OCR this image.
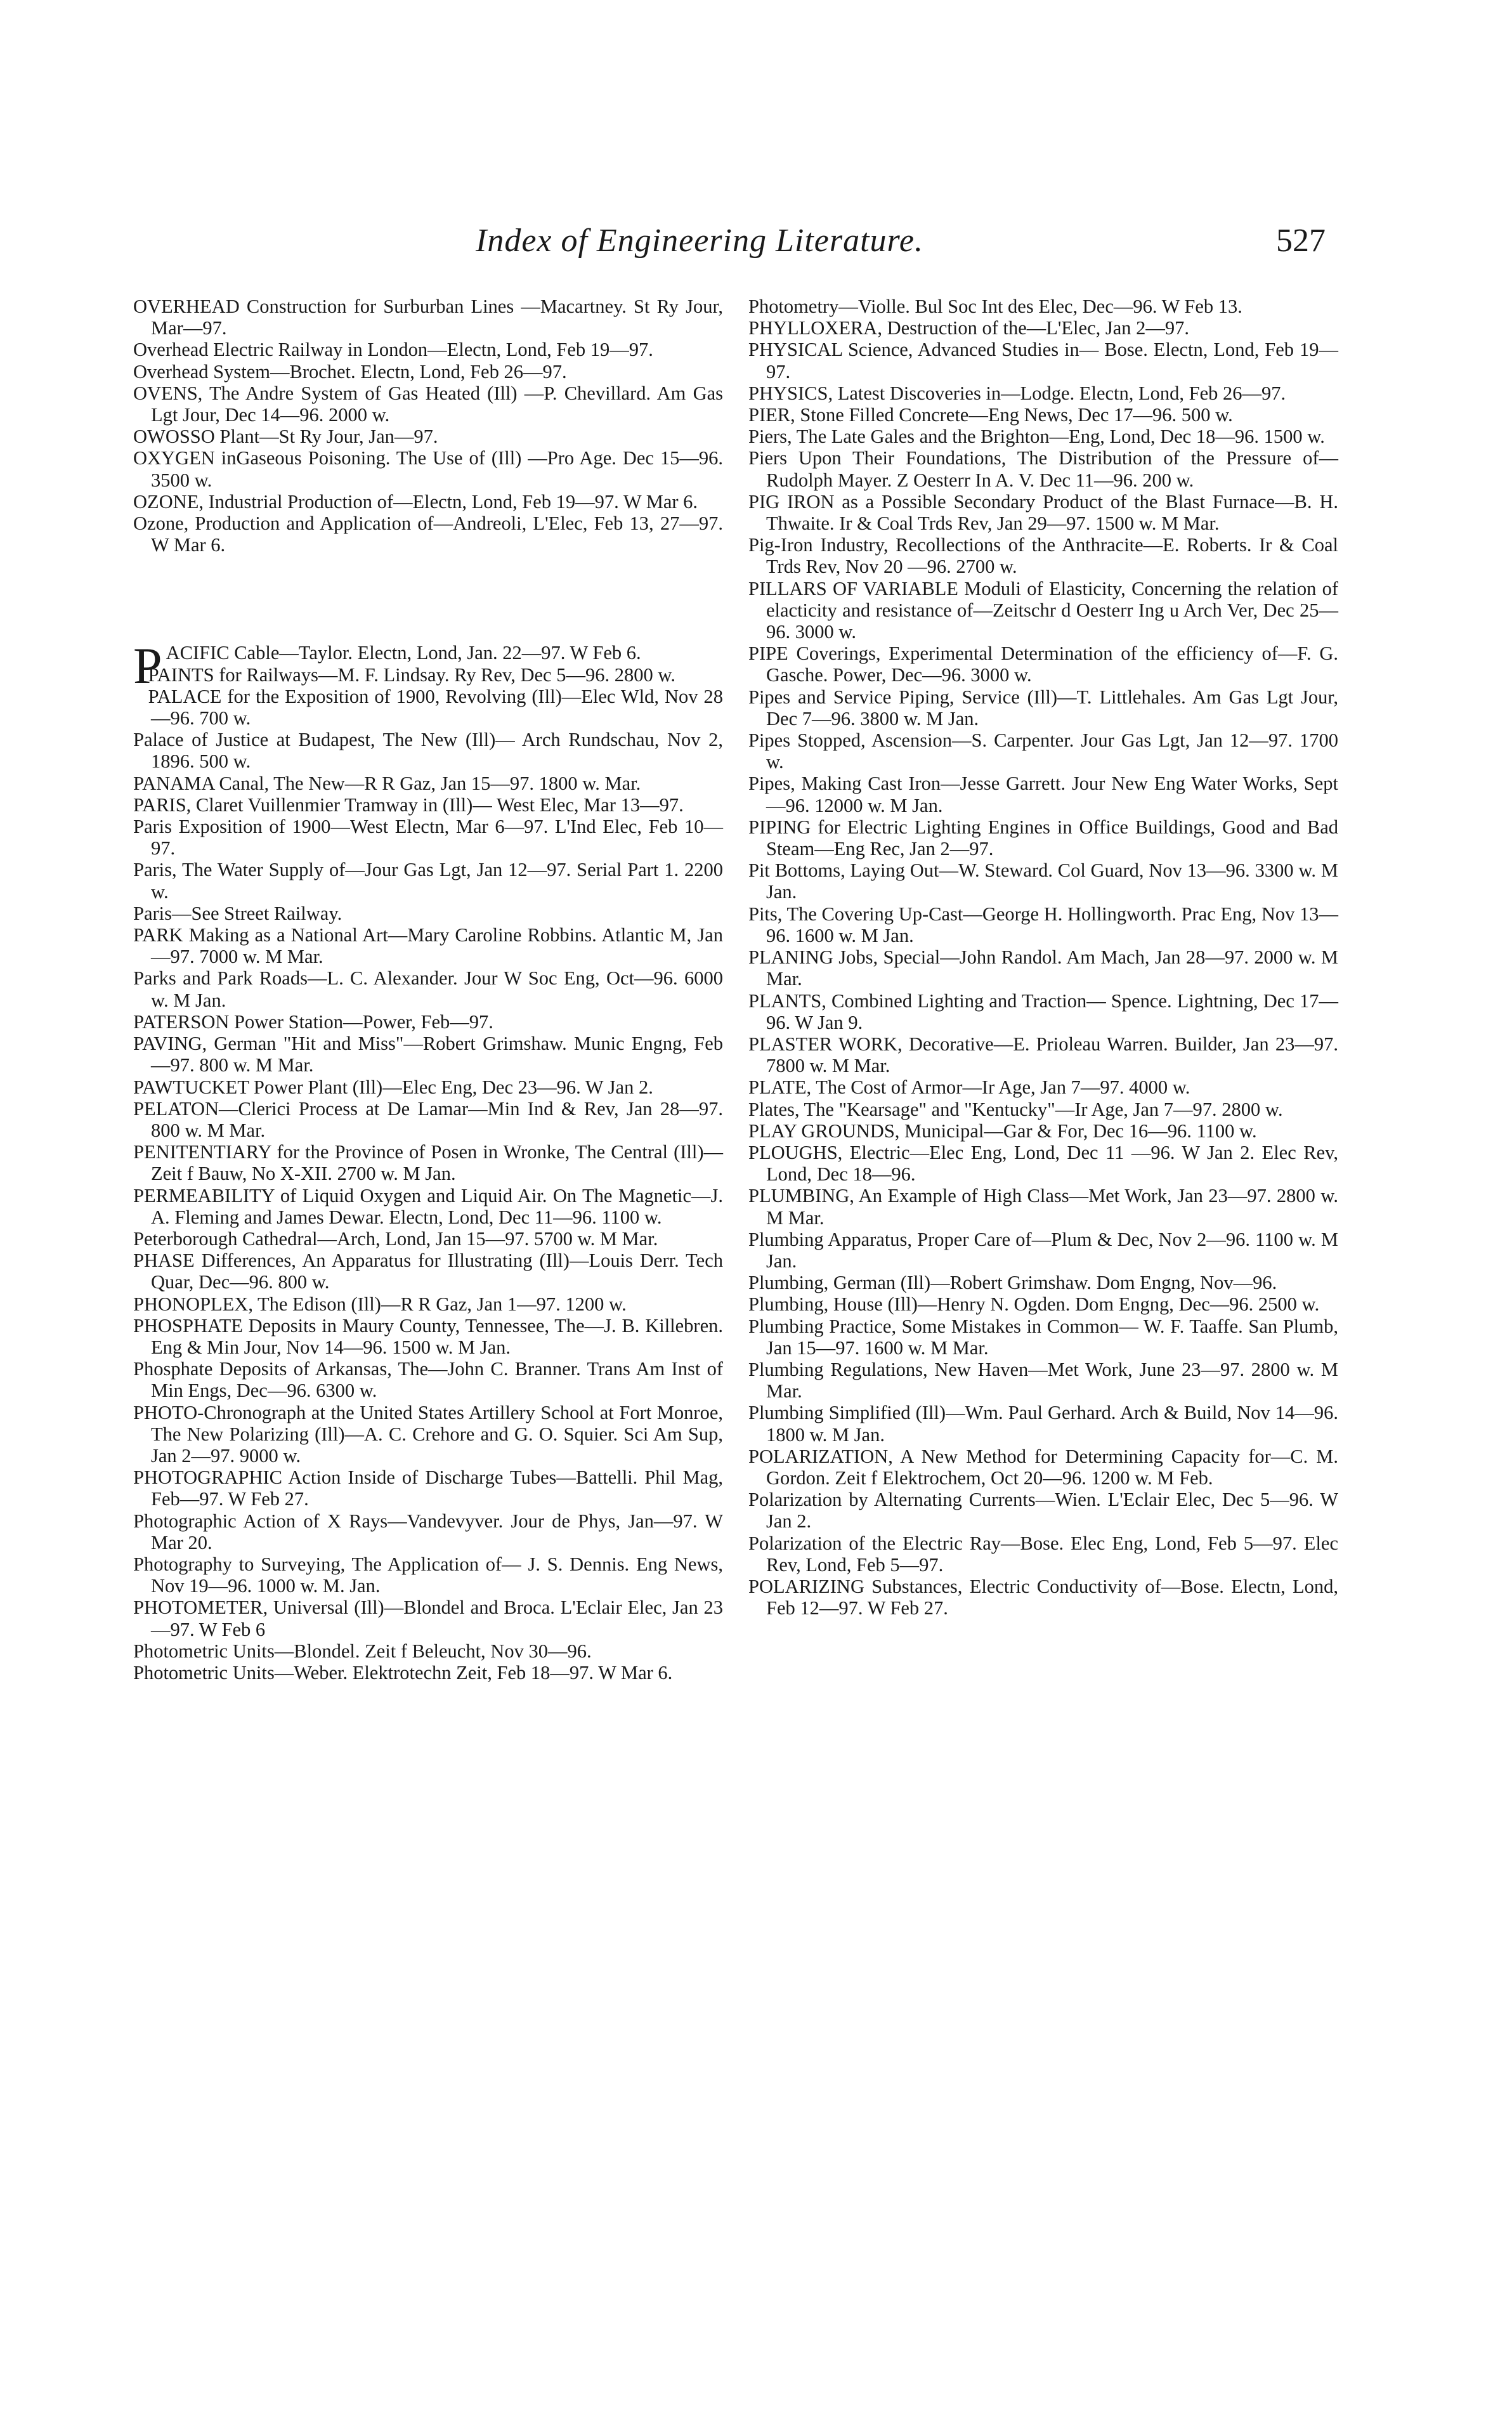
Index of Engineering Literature.	527

OVERHEAD Construction for Surburban Lines —Macartney. St Ry Jour, Mar—97.

Overhead Electric Railway in London—Electn, Lond, Feb 19—97.

Overhead System—Brochet. Electn, Lond, Feb 26—97.

OVENS, The Andre System of Gas Heated (Ill) —P. Chevillard. Am Gas Lgt Jour, Dec 14—96. 2000 w.

OWOSSO Plant—St Ry Jour, Jan—97.

OXYGEN inGaseous Poisoning. The Use of (Ill) —Pro Age. Dec 15—96. 3500 w.

OZONE, Industrial Production of—Electn, Lond, Feb 19—97. W Mar 6.

Ozone, Production and Application of—Andreoli, L'Elec, Feb 13, 27—97. W Mar 6.

PACIFIC Cable—Taylor. Electn, Lond, Jan. 22—97. W Feb 6.

PAINTS for Railways—M. F. Lindsay. Ry Rev, Dec 5—96. 2800 w.

PALACE for the Exposition of 1900, Revolving (Ill)—Elec Wld, Nov 28—96. 700 w.

Palace of Justice at Budapest, The New (Ill)— Arch Rundschau, Nov 2, 1896. 500 w.

PANAMA Canal, The New—R R Gaz, Jan 15—97. 1800 w. Mar.

PARIS, Claret Vuillenmier Tramway in (Ill)— West Elec, Mar 13—97.

Paris Exposition of 1900—West Electn, Mar 6—97. L'Ind Elec, Feb 10—97.

Paris, The Water Supply of—Jour Gas Lgt, Jan 12—97. Serial Part 1. 2200 w.

Paris—See Street Railway.

PARK Making as a National Art—Mary Caroline Robbins. Atlantic M, Jan—97. 7000 w. M Mar.

Parks and Park Roads—L. C. Alexander. Jour W Soc Eng, Oct—96. 6000 w. M Jan.

PATERSON Power Station—Power, Feb—97.

PAVING, German "Hit and Miss"—Robert Grimshaw. Munic Engng, Feb—97. 800 w. M Mar.

PAWTUCKET Power Plant (Ill)—Elec Eng, Dec 23—96. W Jan 2.

PELATON—Clerici Process at De Lamar—Min Ind & Rev, Jan 28—97. 800 w. M Mar.

PENITENTIARY for the Province of Posen in Wronke, The Central (Ill)—Zeit f Bauw, No X-XII. 2700 w. M Jan.

PERMEABILITY of Liquid Oxygen and Liquid Air. On The Magnetic—J. A. Fleming and James Dewar. Electn, Lond, Dec 11—96. 1100 w.

Peterborough Cathedral—Arch, Lond, Jan 15—97. 5700 w. M Mar.

PHASE Differences, An Apparatus for Illustrating (Ill)—Louis Derr. Tech Quar, Dec—96. 800 w.

PHONOPLEX, The Edison (Ill)—R R Gaz, Jan 1—97. 1200 w.

PHOSPHATE Deposits in Maury County, Tennessee, The—J. B. Killebren. Eng & Min Jour, Nov 14—96. 1500 w. M Jan.

Phosphate Deposits of Arkansas, The—John C. Branner. Trans Am Inst of Min Engs, Dec—96. 6300 w.

PHOTO-Chronograph at the United States Artillery School at Fort Monroe, The New Polarizing (Ill)—A. C. Crehore and G. O. Squier. Sci Am Sup, Jan 2—97. 9000 w.

PHOTOGRAPHIC Action Inside of Discharge Tubes—Battelli. Phil Mag, Feb—97. W Feb 27.

Photographic Action of X Rays—Vandevyver. Jour de Phys, Jan—97. W Mar 20.

Photography to Surveying, The Application of— J. S. Dennis. Eng News, Nov 19—96. 1000 w. M. Jan.

PHOTOMETER, Universal (Ill)—Blondel and Broca. L'Eclair Elec, Jan 23—97. W Feb 6

Photometric Units—Blondel. Zeit f Beleucht, Nov 30—96.

Photometric Units—Weber. Elektrotechn Zeit, Feb 18—97. W Mar 6.

Photometry—Violle. Bul Soc Int des Elec, Dec—96. W Feb 13.

PHYLLOXERA, Destruction of the—L'Elec, Jan 2—97.

PHYSICAL Science, Advanced Studies in— Bose. Electn, Lond, Feb 19—97.

PHYSICS, Latest Discoveries in—Lodge. Electn, Lond, Feb 26—97.

PIER, Stone Filled Concrete—Eng News, Dec 17—96. 500 w.

Piers, The Late Gales and the Brighton—Eng, Lond, Dec 18—96. 1500 w.

Piers Upon Their Foundations, The Distribution of the Pressure of—Rudolph Mayer. Z Oesterr In A. V. Dec 11—96. 200 w.

PIG IRON as a Possible Secondary Product of the Blast Furnace—B. H. Thwaite. Ir & Coal Trds Rev, Jan 29—97. 1500 w. M Mar.

Pig-Iron Industry, Recollections of the Anthracite—E. Roberts. Ir & Coal Trds Rev, Nov 20 —96. 2700 w.

PILLARS OF VARIABLE Moduli of Elasticity, Concerning the relation of elacticity and resistance of—Zeitschr d Oesterr Ing u Arch Ver, Dec 25—96. 3000 w.

PIPE Coverings, Experimental Determination of the efficiency of—F. G. Gasche. Power, Dec—96. 3000 w.

Pipes and Service Piping, Service (Ill)—T. Littlehales. Am Gas Lgt Jour, Dec 7—96. 3800 w. M Jan.

Pipes Stopped, Ascension—S. Carpenter. Jour Gas Lgt, Jan 12—97. 1700 w.

Pipes, Making Cast Iron—Jesse Garrett. Jour New Eng Water Works, Sept—96. 12000 w. M Jan.

PIPING for Electric Lighting Engines in Office Buildings, Good and Bad Steam—Eng Rec, Jan 2—97.

Pit Bottoms, Laying Out—W. Steward. Col Guard, Nov 13—96. 3300 w. M Jan.

Pits, The Covering Up-Cast—George H. Hollingworth. Prac Eng, Nov 13—96. 1600 w. M Jan.

PLANING Jobs, Special—John Randol. Am Mach, Jan 28—97. 2000 w. M Mar.

PLANTS, Combined Lighting and Traction— Spence. Lightning, Dec 17—96. W Jan 9.

PLASTER WORK, Decorative—E. Prioleau Warren. Builder, Jan 23—97. 7800 w. M Mar.

PLATE, The Cost of Armor—Ir Age, Jan 7—97. 4000 w.

Plates, The "Kearsage" and "Kentucky"—Ir Age, Jan 7—97. 2800 w.

PLAY GROUNDS, Municipal—Gar & For, Dec 16—96. 1100 w.

PLOUGHS, Electric—Elec Eng, Lond, Dec 11 —96. W Jan 2. Elec Rev, Lond, Dec 18—96.

PLUMBING, An Example of High Class—Met Work, Jan 23—97. 2800 w. M Mar.

Plumbing Apparatus, Proper Care of—Plum & Dec, Nov 2—96. 1100 w. M Jan.

Plumbing, German (Ill)—Robert Grimshaw. Dom Engng, Nov—96.

Plumbing, House (Ill)—Henry N. Ogden. Dom Engng, Dec—96. 2500 w.

Plumbing Practice, Some Mistakes in Common— W. F. Taaffe. San Plumb, Jan 15—97. 1600 w. M Mar.

Plumbing Regulations, New Haven—Met Work, June 23—97. 2800 w. M Mar.

Plumbing Simplified (Ill)—Wm. Paul Gerhard. Arch & Build, Nov 14—96. 1800 w. M Jan.

POLARIZATION, A New Method for Determining Capacity for—C. M. Gordon. Zeit f Elektrochem, Oct 20—96. 1200 w. M Feb.

Polarization by Alternating Currents—Wien. L'Eclair Elec, Dec 5—96. W Jan 2.

Polarization of the Electric Ray—Bose. Elec Eng, Lond, Feb 5—97. Elec Rev, Lond, Feb 5—97.

POLARIZING Substances, Electric Conductivity of—Bose. Electn, Lond, Feb 12—97. W Feb 27.
